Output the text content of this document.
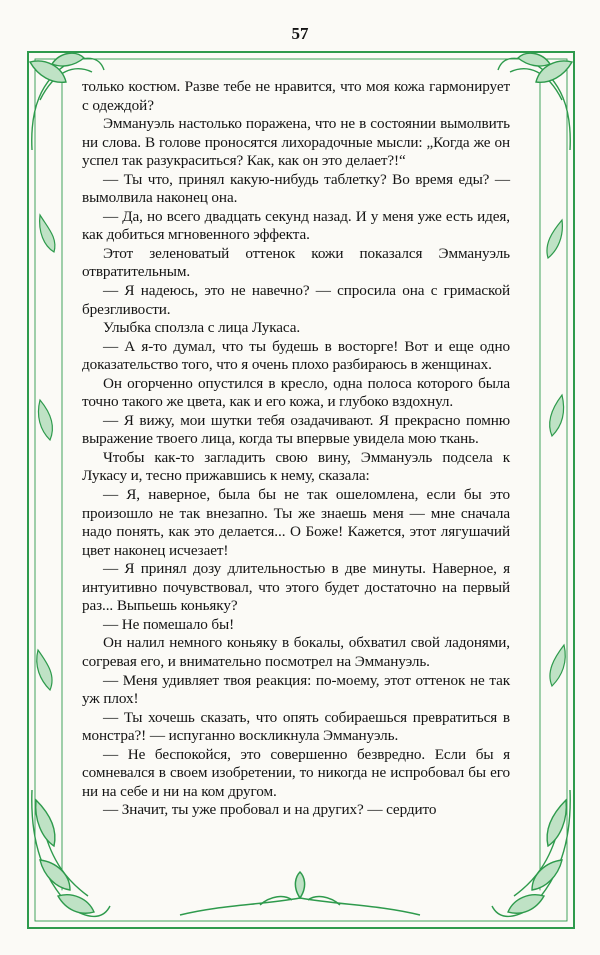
57

только костюм. Разве тебе не нравится, что моя кожа гармонирует с одеждой?

Эммануэль настолько поражена, что не в состоянии вымолвить ни слова. В голове проносятся лихорадочные мысли: „Когда же он успел так разукраситься? Как, как он это делает?!“

— Ты что, принял какую-нибудь таблетку? Во время еды? — вымолвила наконец она.

— Да, но всего двадцать секунд назад. И у меня уже есть идея, как добиться мгновенного эффекта.

Этот зеленоватый оттенок кожи показался Эммануэль отвратительным.

— Я надеюсь, это не навечно? — спросила она с гримаской брезгливости.

Улыбка сползла с лица Лукаса.

— А я-то думал, что ты будешь в восторге! Вот и еще одно доказательство того, что я очень плохо разбираюсь в женщинах.

Он огорченно опустился в кресло, одна полоса которого была точно такого же цвета, как и его кожа, и глубоко вздохнул.

— Я вижу, мои шутки тебя озадачивают. Я прекрасно помню выражение твоего лица, когда ты впервые увидела мою ткань.

Чтобы как-то загладить свою вину, Эммануэль подсела к Лукасу и, тесно прижавшись к нему, сказала:

— Я, наверное, была бы не так ошеломлена, если бы это произошло не так внезапно. Ты же знаешь меня — мне сначала надо понять, как это делается... О Боже! Кажется, этот лягушачий цвет наконец исчезает!

— Я принял дозу длительностью в две минуты. Наверное, я интуитивно почувствовал, что этого будет достаточно на первый раз... Выпьешь коньяку?

— Не помешало бы!

Он налил немного коньяку в бокалы, обхватил свой ладонями, согревая его, и внимательно посмотрел на Эммануэль.

— Меня удивляет твоя реакция: по-моему, этот оттенок не так уж плох!

— Ты хочешь сказать, что опять собираешься превратиться в монстра?! — испуганно воскликнула Эммануэль.

— Не беспокойся, это совершенно безвредно. Если бы я сомневался в своем изобретении, то никогда не испробовал бы его ни на себе и ни на ком другом.

— Значит, ты уже пробовал и на других? — сердито
